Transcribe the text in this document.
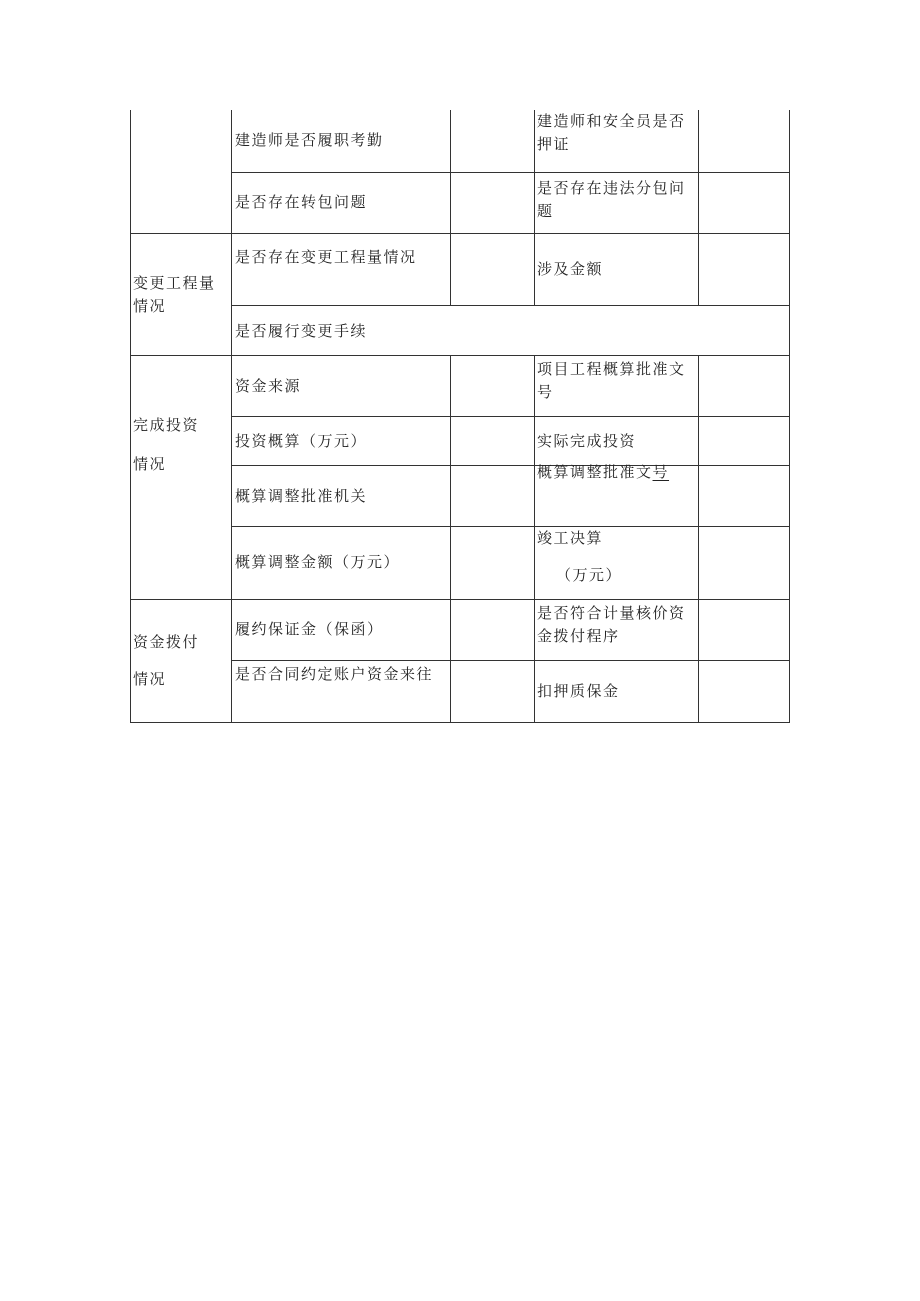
建造师是否履职考勤
建造师和安全员是否押证
是否存在转包问题
是否存在违法分包问题
变更工程量情况
是否存在变更工程量情况
涉及金额
是否履行变更手续
完成投资
情况
资金来源
项目工程概算批准文号
投资概算（万元）	实际完成投资
概算调整批准机关
概算调整批准文号
概算调整金额（万元）
竣工决算
（万元）
资金拨付
情况
履约保证金（保函）
是否符合计量核价资金拨付程序
是否合同约定账户资金来往
扣押质保金
